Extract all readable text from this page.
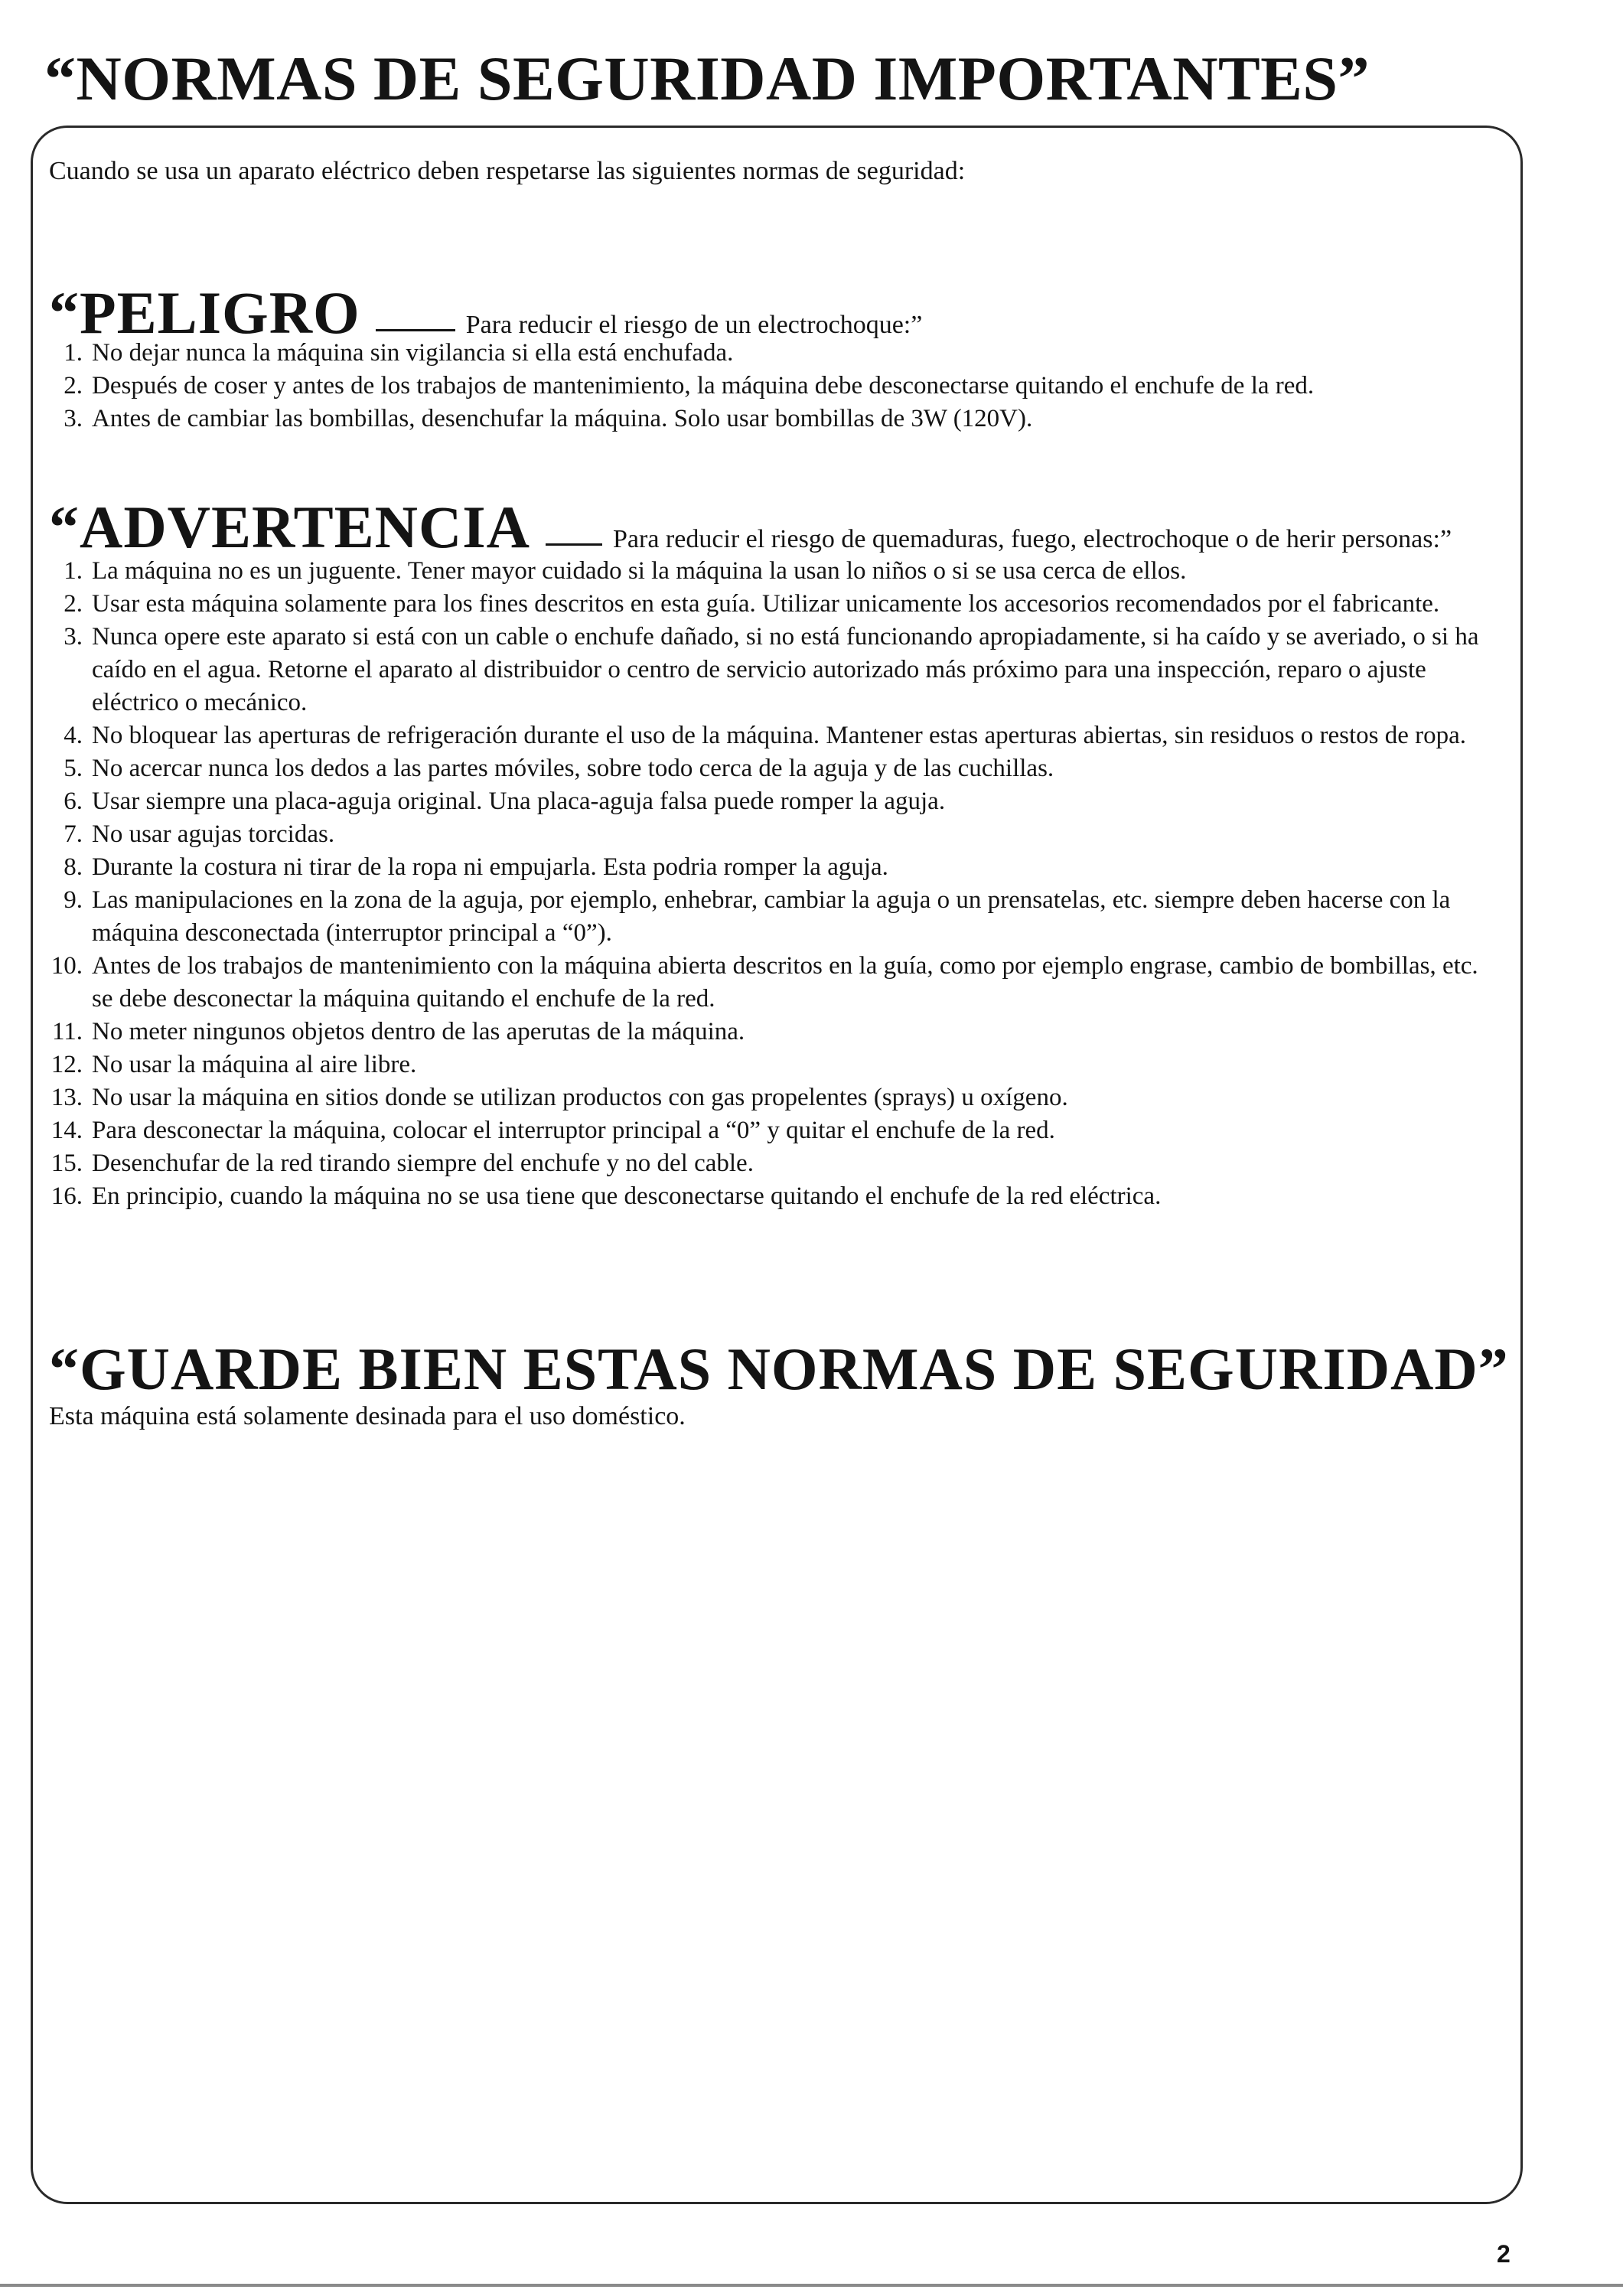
“NORMAS DE SEGURIDAD IMPORTANTES”
Cuando se usa un aparato eléctrico deben respetarse las siguientes normas de seguridad:
“PELIGRO	Para reducir el riesgo de un electrochoque:”
1. No dejar nunca la máquina sin vigilancia si ella está enchufada.
2. Después de coser y antes de los trabajos de mantenimiento, la máquina debe desconectarse quitando el enchufe de la red.
3. Antes de cambiar las bombillas, desenchufar la máquina. Solo usar bombillas de 3W (120V).
“ADVERTENCIA	Para reducir el riesgo de quemaduras, fuego, electrochoque o de herir personas:”
1. La máquina no es un juguente. Tener mayor cuidado si la máquina la usan lo niños o si se usa cerca de ellos.
2. Usar esta máquina solamente para los fines descritos en esta guía. Utilizar unicamente los accesorios recomendados por el fabricante.
3. Nunca opere este aparato si está con un cable o enchufe dañado, si no está funcionando apropiadamente, si ha caído y se averiado, o si ha caído en el agua. Retorne el aparato al distribuidor o centro de servicio autorizado más próximo para una inspección, reparo o ajuste eléctrico o mecánico.
4. No bloquear las aperturas de refrigeración durante el uso de la máquina. Mantener estas aperturas abiertas, sin residuos o restos de ropa.
5. No acercar nunca los dedos a las partes móviles, sobre todo cerca de la aguja y de las cuchillas.
6. Usar siempre una placa-aguja original. Una placa-aguja falsa puede romper la aguja.
7. No usar agujas torcidas.
8. Durante la costura ni tirar de la ropa ni empujarla. Esta podria romper la aguja.
9. Las manipulaciones en la zona de la aguja, por ejemplo, enhebrar, cambiar la aguja o un prensatelas, etc. siempre deben hacerse con la máquina desconectada (interruptor principal a “0”).
10. Antes de los trabajos de mantenimiento con la máquina abierta descritos en la guía, como por ejemplo engrase, cambio de bombillas, etc. se debe desconectar la máquina quitando el enchufe de la red.
11. No meter ningunos objetos dentro de las aperutas de la máquina.
12. No usar la máquina al aire libre.
13. No usar la máquina en sitios donde se utilizan productos con gas propelentes (sprays) u oxígeno.
14. Para desconectar la máquina, colocar el interruptor principal a “0” y quitar el enchufe de la red.
15. Desenchufar de la red tirando siempre del enchufe y no del cable.
16. En principio, cuando la máquina no se usa tiene que desconectarse quitando el enchufe de la red eléctrica.
“GUARDE BIEN ESTAS NORMAS DE SEGURIDAD”
Esta máquina está solamente desinada para el uso doméstico.
2
